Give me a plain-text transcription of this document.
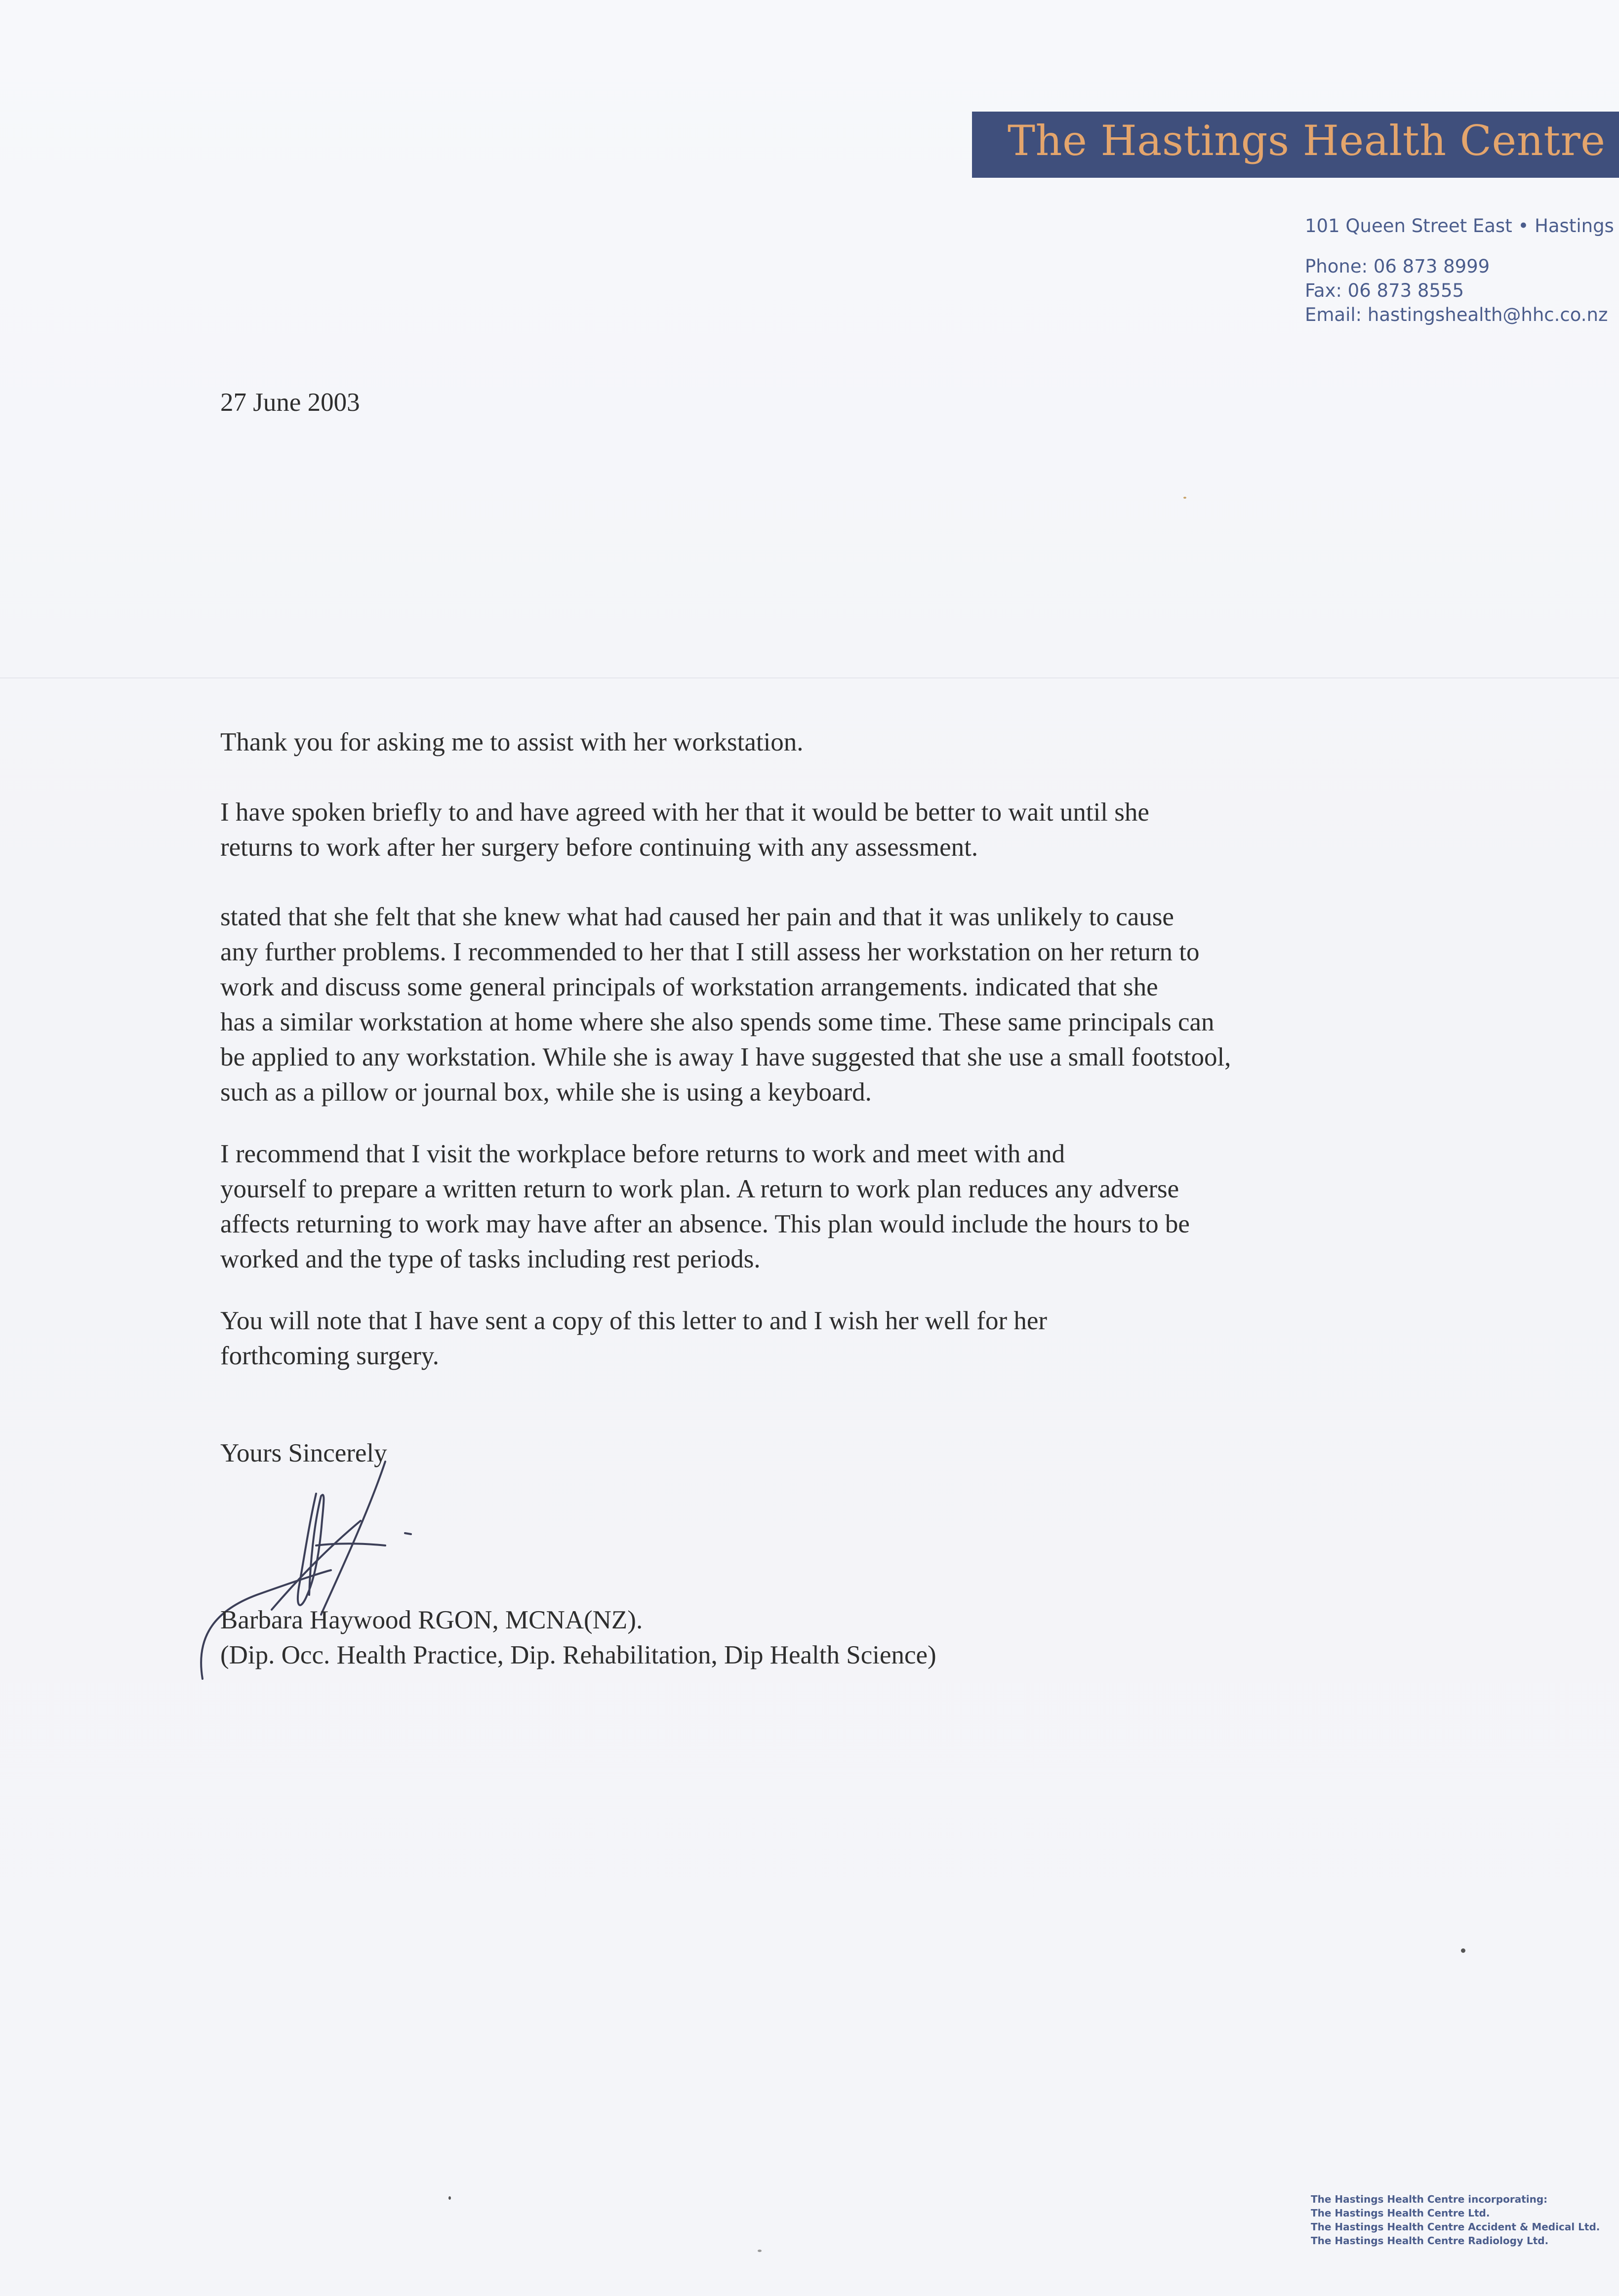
The Hastings Health Centre
101 Queen Street East • Hastings
Phone: 06 873 8999
Fax: 06 873 8555
Email: hastingshealth@hhc.co.nz
27 June 2003
Thank you for asking me to assist with her workstation.
I have spoken briefly to and have agreed with her that it would be better to wait until she
returns to work after her surgery before continuing with any assessment.
stated that she felt that she knew what had caused her pain and that it was unlikely to cause
any further problems. I recommended to her that I still assess her workstation on her return to
work and discuss some general principals of workstation arrangements. indicated that she
has a similar workstation at home where she also spends some time. These same principals can
be applied to any workstation. While she is away I have suggested that she use a small footstool,
such as a pillow or journal box, while she is using a keyboard.
I recommend that I visit the workplace before returns to work and meet with and
yourself to prepare a written return to work plan. A return to work plan reduces any adverse
affects returning to work may have after an absence. This plan would include the hours to be
worked and the type of tasks including rest periods.
You will note that I have sent a copy of this letter to and I wish her well for her
forthcoming surgery.
Yours Sincerely
Barbara Haywood RGON, MCNA(NZ).
(Dip. Occ. Health Practice, Dip. Rehabilitation, Dip Health Science)
The Hastings Health Centre incorporating:
The Hastings Health Centre Ltd.
The Hastings Health Centre Accident & Medical Ltd.
The Hastings Health Centre Radiology Ltd.
